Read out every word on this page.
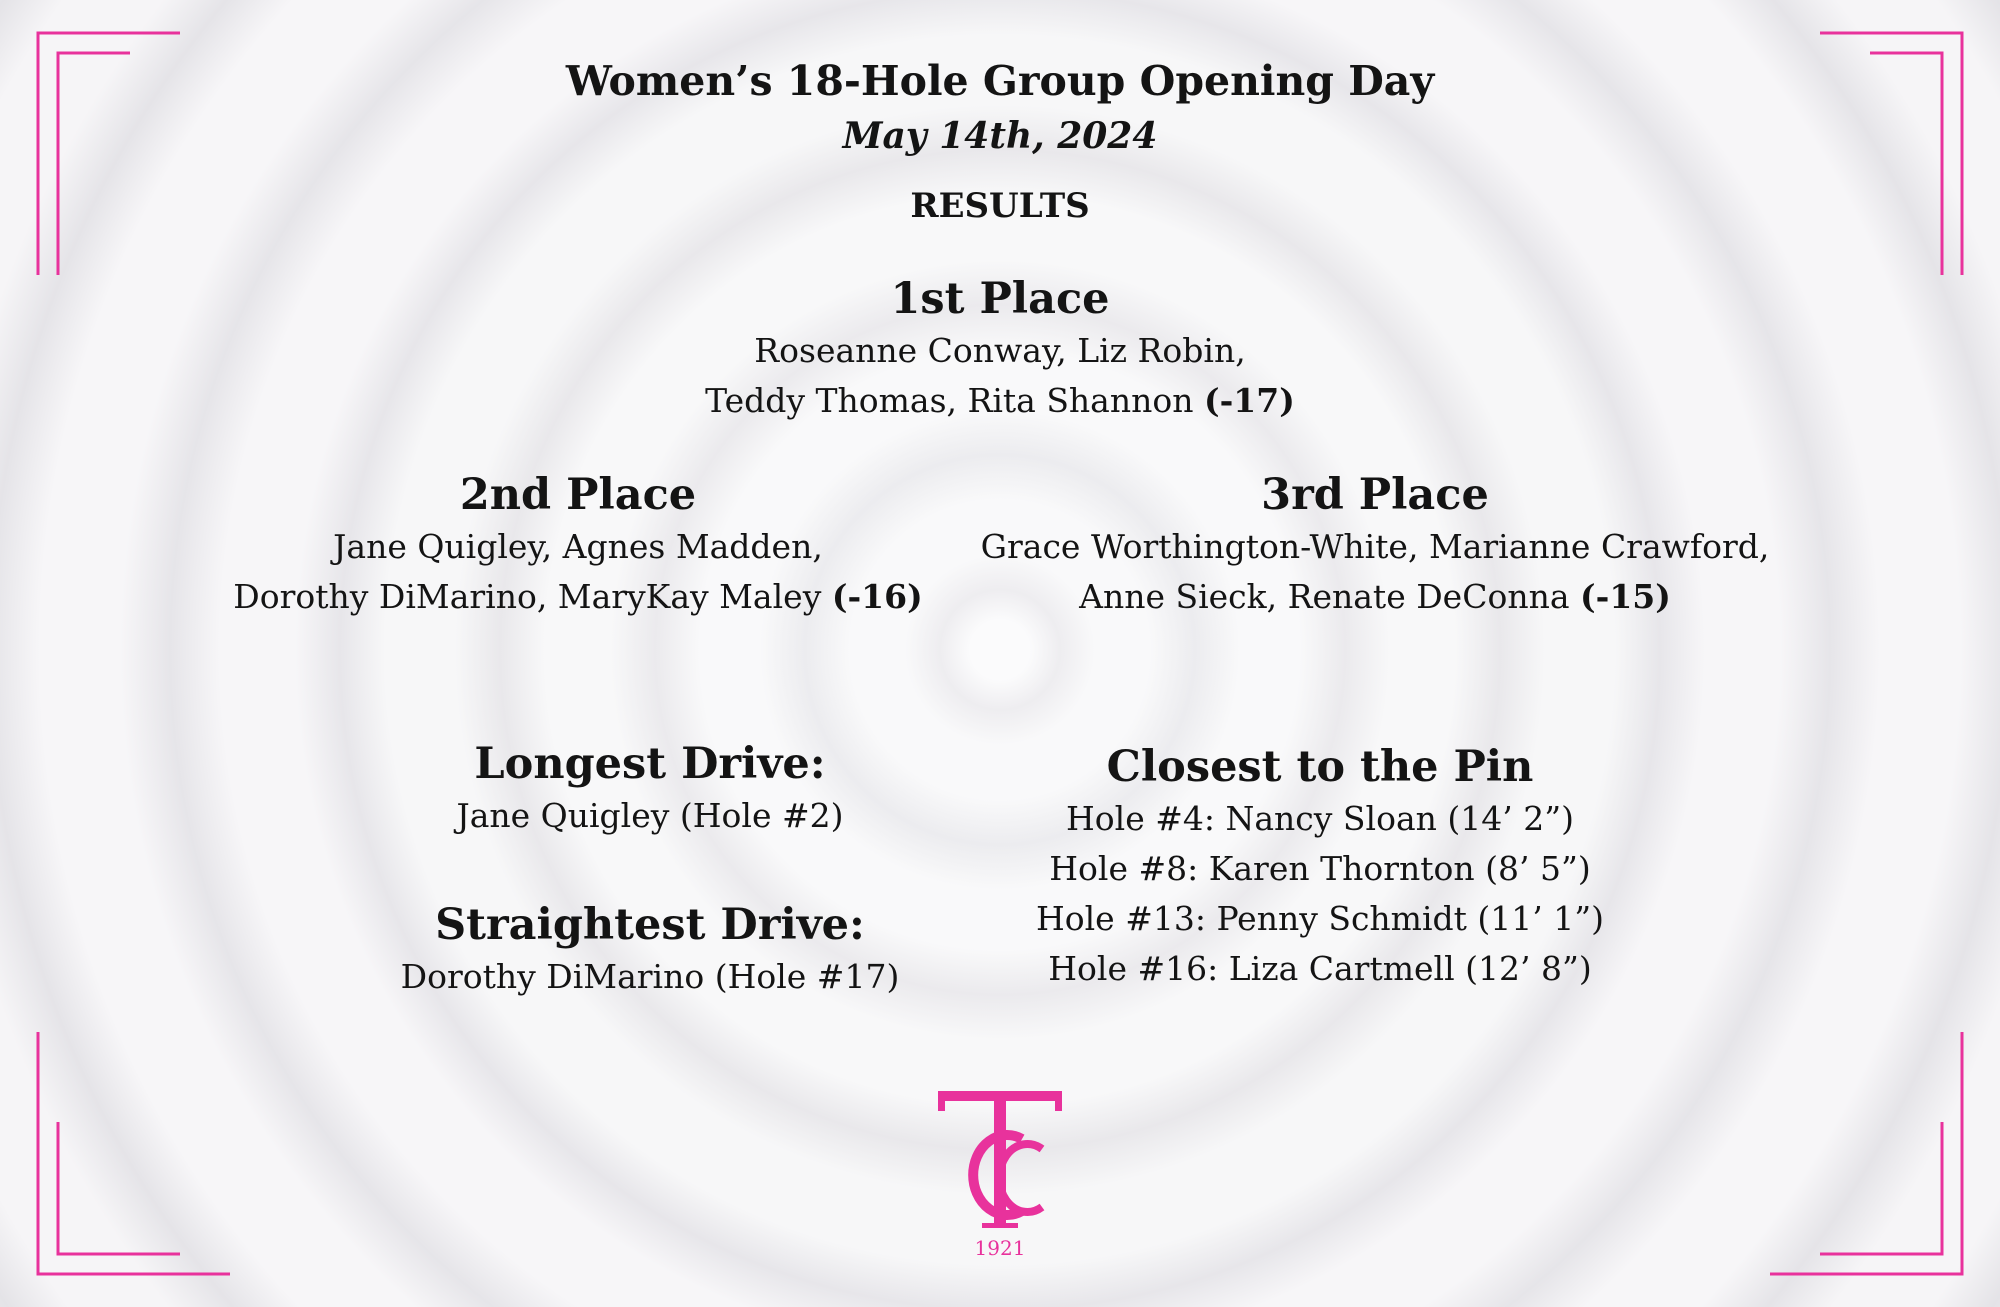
Women’s 18-Hole Group Opening Day
May 14th, 2024
RESULTS
1st Place
Roseanne Conway, Liz Robin,
Teddy Thomas, Rita Shannon (-17)
2nd Place
Jane Quigley, Agnes Madden,
Dorothy DiMarino, MaryKay Maley (-16)
3rd Place
Grace Worthington-White, Marianne Crawford,
Anne Sieck, Renate DeConna (-15)
Longest Drive:
Jane Quigley (Hole #2)
Straightest Drive:
Dorothy DiMarino (Hole #17)
Closest to the Pin
Hole #4: Nancy Sloan (14’ 2”)
Hole #8: Karen Thornton (8’ 5”)
Hole #13: Penny Schmidt (11’ 1”)
Hole #16: Liza Cartmell (12’ 8”)
1921
